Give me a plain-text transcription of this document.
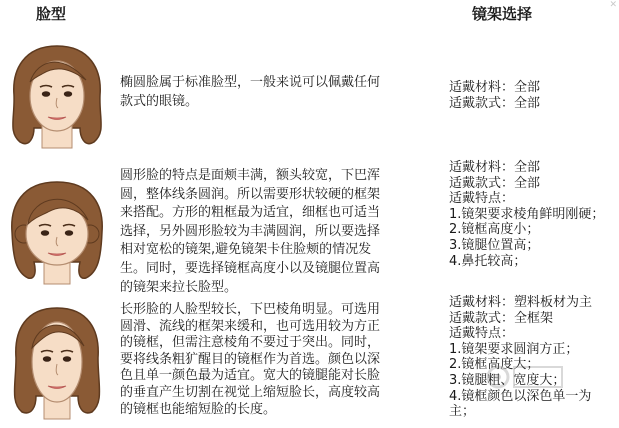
脸型	镜架选择	✕
椭圆脸属于标准脸型，一般来说可以佩戴任何
款式的眼镜。
适戴材料：全部
适戴款式：全部
圆形脸的特点是面颊丰满，额头较宽，下巴浑
圆，整体线条圆润。所以需要形状较硬的框架
来搭配。方形的粗框最为适宜，细框也可适当
选择，另外圆形脸较为丰满圆润，所以要选择
相对宽松的镜架,避免镜架卡住脸颊的情况发
生。同时，要选择镜框高度小以及镜腿位置高
的镜架来拉长脸型。
适戴材料：全部
适戴款式：全部
适戴特点：
1.镜架要求棱角鲜明刚硬；
2.镜框高度小；
3.镜腿位置高；
4.鼻托较高；
长形脸的人脸型较长，下巴棱角明显。可选用
圆滑、流线的框架来缓和，也可选用较为方正
的镜框，但需注意棱角不要过于突出。同时，
要将线条粗犷醒目的镜框作为首选。颜色以深
色且单一颜色最为适宜。宽大的镜腿能对长脸
的垂直产生切割在视觉上缩短脸长，高度较高
的镜框也能缩短脸的长度。
适戴材料：塑料板材为主
适戴款式：全框架
适戴特点：
1.镜架要求圆润方正；
2.镜框高度大；
3.镜腿粗、宽度大；
4.镜框颜色以深色单一为主；
